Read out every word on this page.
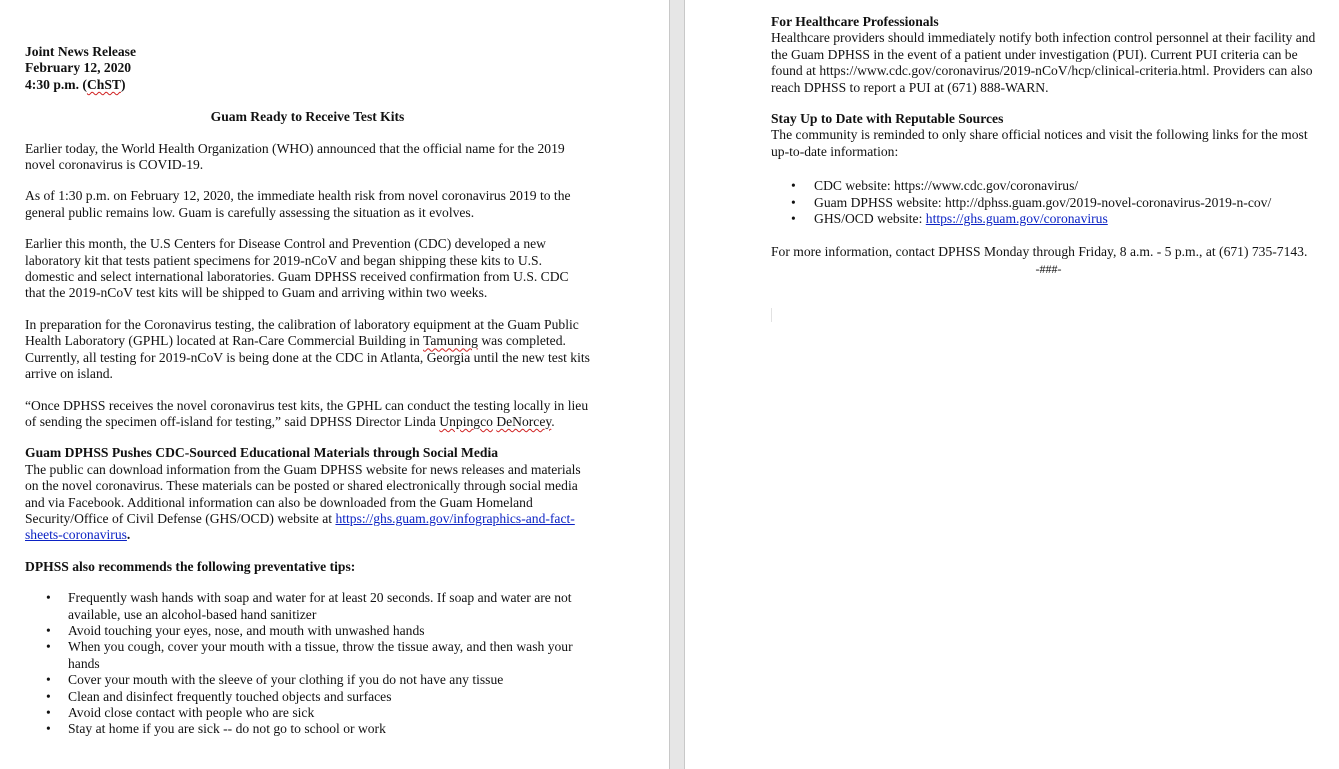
Joint News Release

February 12, 2020

4:30 p.m. (ChST)

Guam Ready to Receive Test Kits

Earlier today, the World Health Organization (WHO) announced that the official name for the 2019 novel coronavirus is COVID-19.

As of 1:30 p.m. on February 12, 2020, the immediate health risk from novel coronavirus 2019 to the general public remains low. Guam is carefully assessing the situation as it evolves.

Earlier this month, the U.S Centers for Disease Control and Prevention (CDC) developed a new laboratory kit that tests patient specimens for 2019-nCoV and began shipping these kits to U.S. domestic and select international laboratories. Guam DPHSS received confirmation from U.S. CDC that the 2019-nCoV test kits will be shipped to Guam and arriving within two weeks.

In preparation for the Coronavirus testing, the calibration of laboratory equipment at the Guam Public Health Laboratory (GPHL) located at Ran-Care Commercial Building in Tamuning was completed. Currently, all testing for 2019-nCoV is being done at the CDC in Atlanta, Georgia until the new test kits arrive on island.

“Once DPHSS receives the novel coronavirus test kits, the GPHL can conduct the testing locally in lieu of sending the specimen off-island for testing,” said DPHSS Director Linda Unpingco DeNorcey.

Guam DPHSS Pushes CDC-Sourced Educational Materials through Social Media

The public can download information from the Guam DPHSS website for news releases and materials on the novel coronavirus. These materials can be posted or shared electronically through social media and via Facebook. Additional information can also be downloaded from the Guam Homeland Security/Office of Civil Defense (GHS/OCD) website at https://ghs.guam.gov/infographics-and-fact-sheets-coronavirus.

DPHSS also recommends the following preventative tips:

• Frequently wash hands with soap and water for at least 20 seconds. If soap and water are not available, use an alcohol-based hand sanitizer
• Avoid touching your eyes, nose, and mouth with unwashed hands
• When you cough, cover your mouth with a tissue, throw the tissue away, and then wash your hands
• Cover your mouth with the sleeve of your clothing if you do not have any tissue
• Clean and disinfect frequently touched objects and surfaces
• Avoid close contact with people who are sick
• Stay at home if you are sick -- do not go to school or work

For Healthcare Professionals

Healthcare providers should immediately notify both infection control personnel at their facility and the Guam DPHSS in the event of a patient under investigation (PUI). Current PUI criteria can be found at https://www.cdc.gov/coronavirus/2019-nCoV/hcp/clinical-criteria.html. Providers can also reach DPHSS to report a PUI at (671) 888-WARN.

Stay Up to Date with Reputable Sources

The community is reminded to only share official notices and visit the following links for the most up-to-date information:

• CDC website: https://www.cdc.gov/coronavirus/
• Guam DPHSS website: http://dphss.guam.gov/2019-novel-coronavirus-2019-n-cov/
• GHS/OCD website: https://ghs.guam.gov/coronavirus

For more information, contact DPHSS Monday through Friday, 8 a.m. - 5 p.m., at (671) 735-7143.

-###-
